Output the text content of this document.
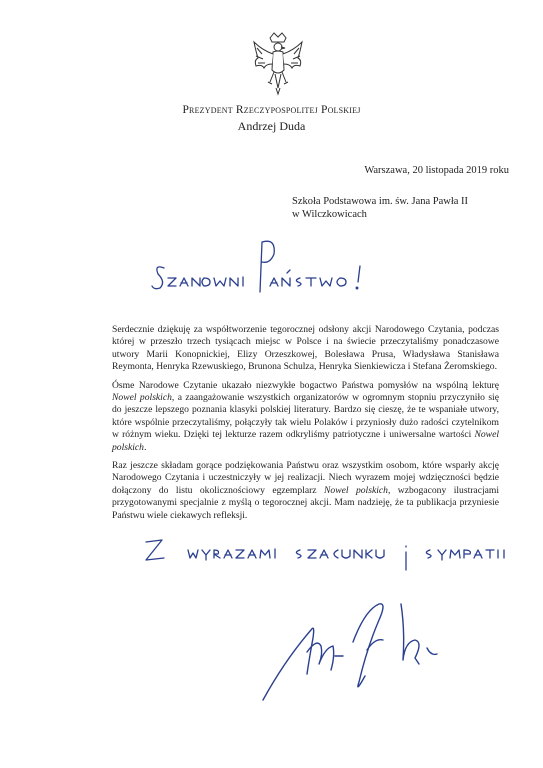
Prezydent Rzeczypospolitej Polskiej
Andrzej Duda
Warszawa, 20 listopada 2019 roku
Szkoła Podstawowa im. św. Jana Pawła II
w Wilczkowicach

Serdecznie dziękuję za współtworzenie tegorocznej odsłony akcji Narodowego Czytania, podczas której w przeszło trzech tysiącach miejsc w Polsce i na świecie przeczytaliśmy ponadczasowe utwory Marii Konopnickiej, Elizy Orzeszkowej, Bolesława Prusa, Władysława Stanisława Reymonta, Henryka Rzewuskiego, Brunona Schulza, Henryka Sienkiewicza i Stefana Żeromskiego.

Ósme Narodowe Czytanie ukazało niezwykłe bogactwo Państwa pomysłów na wspólną lekturę Nowel polskich, a zaangażowanie wszystkich organizatorów w ogromnym stopniu przyczyniło się do jeszcze lepszego poznania klasyki polskiej literatury. Bardzo się cieszę, że te wspaniałe utwory, które wspólnie przeczytaliśmy, połączyły tak wielu Polaków i przyniosły dużo radości czytelnikom w różnym wieku. Dzięki tej lekturze razem odkryliśmy patriotyczne i uniwersalne wartości Nowel polskich.

Raz jeszcze składam gorące podziękowania Państwu oraz wszystkim osobom, które wsparły akcję Narodowego Czytania i uczestniczyły w jej realizacji. Niech wyrazem mojej wdzięczności będzie dołączony do listu okolicznościowy egzemplarz Nowel polskich, wzbogacony ilustracjami przygotowanymi specjalnie z myślą o tegorocznej akcji. Mam nadzieję, że ta publikacja przyniesie Państwu wiele ciekawych refleksji.
